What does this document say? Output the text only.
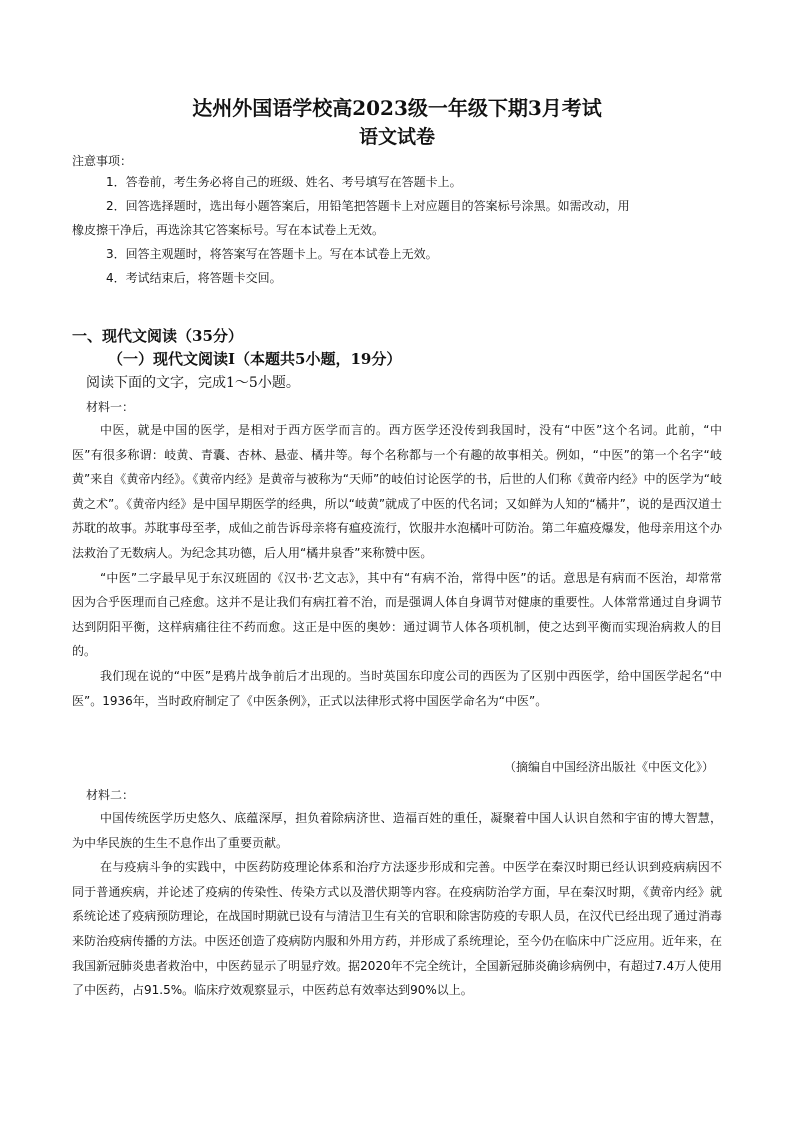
达州外国语学校高2023级一年级下期3月考试
语文试卷
注意事项：
1．答卷前，考生务必将自己的班级、姓名、考号填写在答题卡上。
2．回答选择题时，选出每小题答案后，用铅笔把答题卡上对应题目的答案标号涂黑。如需改动，用
橡皮擦干净后，再选涂其它答案标号。写在本试卷上无效。
3．回答主观题时，将答案写在答题卡上。写在本试卷上无效。
4．考试结束后，将答题卡交回。
一、现代文阅读（35分）
（一）现代文阅读Ⅰ（本题共5小题，19分）
阅读下面的文字，完成1～5小题。
材料一：

中医，就是中国的医学，是相对于西方医学而言的。西方医学还没传到我国时，没有“中医”这个名词。此前，“中医”有很多称谓：岐黄、青囊、杏林、悬壶、橘井等。每个名称都与一个有趣的故事相关。例如，“中医”的第一个名字“岐黄”来自《黄帝内经》。《黄帝内经》是黄帝与被称为“天师”的岐伯讨论医学的书，后世的人们称《黄帝内经》中的医学为“岐黄之术”。《黄帝内经》是中国早期医学的经典，所以“岐黄”就成了中医的代名词；又如鲜为人知的“橘井”，说的是西汉道士苏耽的故事。苏耽事母至孝，成仙之前告诉母亲将有瘟疫流行，饮服井水泡橘叶可防治。第二年瘟疫爆发，他母亲用这个办法救治了无数病人。为纪念其功德，后人用“橘井泉香”来称赞中医。

“中医”二字最早见于东汉班固的《汉书·艺文志》，其中有“有病不治，常得中医”的话。意思是有病而不医治，却常常因为合乎医理而自己痊愈。这并不是让我们有病扛着不治，而是强调人体自身调节对健康的重要性。人体常常通过自身调节达到阴阳平衡，这样病痛往往不药而愈。这正是中医的奥妙：通过调节人体各项机制，使之达到平衡而实现治病救人的目的。

我们现在说的“中医”是鸦片战争前后才出现的。当时英国东印度公司的西医为了区别中西医学，给中国医学起名“中医”。1936年，当时政府制定了《中医条例》，正式以法律形式将中国医学命名为“中医”。

（摘编自中国经济出版社《中医文化》）
材料二：

中国传统医学历史悠久、底蕴深厚，担负着除病济世、造福百姓的重任，凝聚着中国人认识自然和宇宙的博大智慧，为中华民族的生生不息作出了重要贡献。

在与疫病斗争的实践中，中医药防疫理论体系和治疗方法逐步形成和完善。中医学在秦汉时期已经认识到疫病病因不同于普通疾病，并论述了疫病的传染性、传染方式以及潜伏期等内容。在疫病防治学方面，早在秦汉时期，《黄帝内经》就系统论述了疫病预防理论，在战国时期就已设有与清洁卫生有关的官职和除害防疫的专职人员，在汉代已经出现了通过消毒来防治疫病传播的方法。中医还创造了疫病防内服和外用方药，并形成了系统理论，至今仍在临床中广泛应用。近年来，在我国新冠肺炎患者救治中，中医药显示了明显疗效。据2020年不完全统计，全国新冠肺炎确诊病例中，有超过7.4万人使用了中医药，占91.5%。临床疗效观察显示，中医药总有效率达到90%以上。
